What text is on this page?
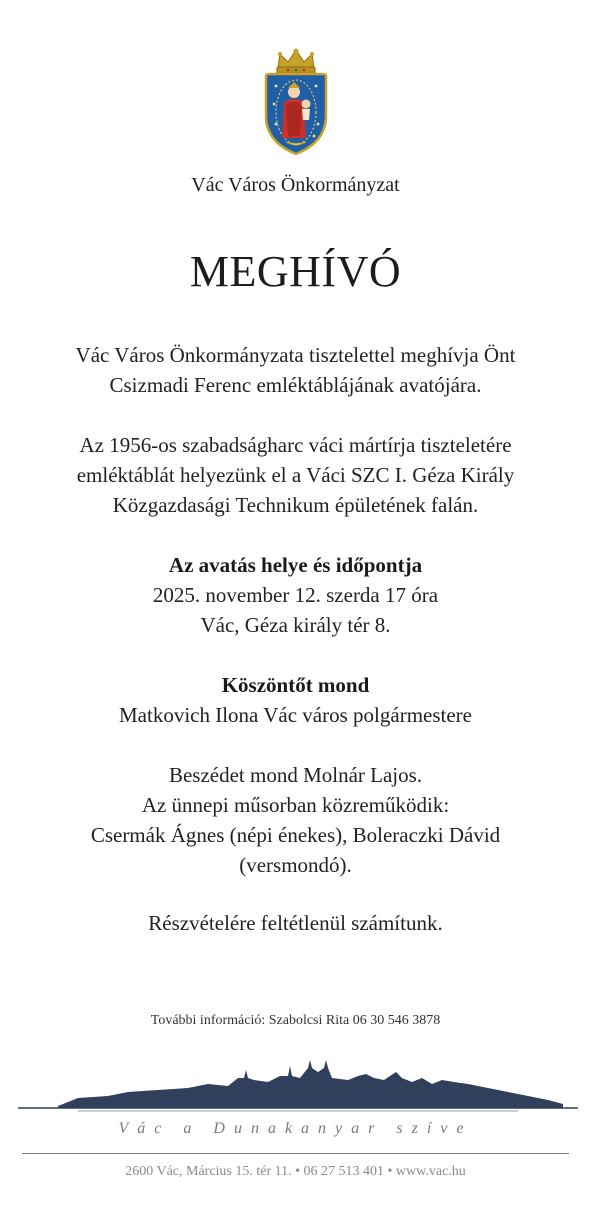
Vác Város Önkormányzat
MEGHÍVÓ
Vác Város Önkormányzata tisztelettel meghívja Önt
Csizmadi Ferenc emléktáblájának avatójára.
Az 1956-os szabadságharc váci mártírja tiszteletére
emléktáblát helyezünk el a Váci SZC I. Géza Király
Közgazdasági Technikum épületének falán.
Az avatás helye és időpontja
2025. november 12. szerda 17 óra
Vác, Géza király tér 8.
Köszöntőt mond
Matkovich Ilona Vác város polgármestere
Beszédet mond Molnár Lajos.
Az ünnepi műsorban közreműködik:
Csermák Ágnes (népi énekes), Boleraczki Dávid
(versmondó).
Részvételére feltétlenül számítunk.
További információ: Szabolcsi Rita 06 30 546 3878
Vác a Dunakanyar szíve
2600 Vác, Március 15. tér 11. • 06 27 513 401 • www.vac.hu
